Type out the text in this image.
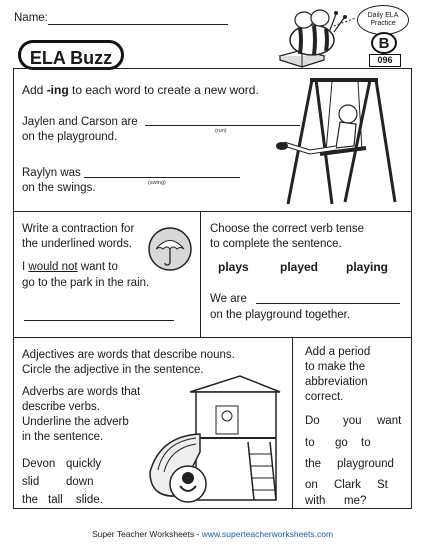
Name:
ELA Buzz
Daily ELA
Practice
B
096
Add -ing to each word to create a new word.
Jaylen and Carson are
(run)
on the playground.
Raylyn was
(swing)
on the swings.
Write a contraction for
the underlined words.
I would not want to
go to the park in the rain.
Choose the correct verb tense
to complete the sentence.
plays	played playing
We are
on the playground together.
Adjectives are words that describe nouns.
Circle the adjective in the sentence.
Adverbs are words that
describe verbs.
Underline the adverb
in the sentence.
Devon quickly
slid down
the tall slide.
Add a period
to make the
abbreviation
correct.
Do you want
to go to
the playground
on Clark St
with me?
Super Teacher Worksheets - www.superteacherworksheets.com
